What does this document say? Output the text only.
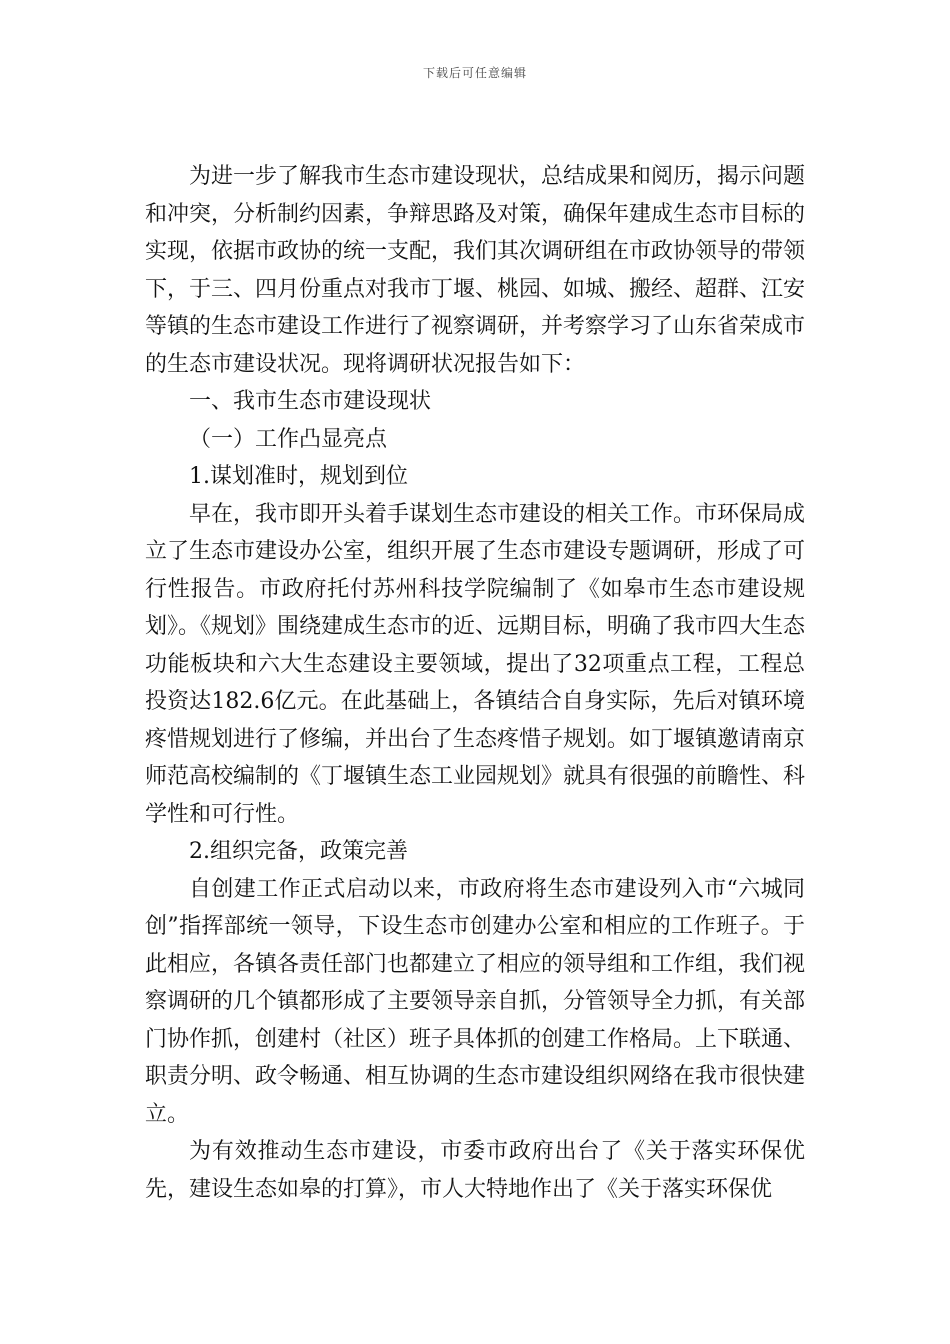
下载后可任意编辑

为进一步了解我市生态市建设现状，总结成果和阅历，揭示问题和冲突，分析制约因素，争辩思路及对策，确保年建成生态市目标的实现，依据市政协的统一支配，我们其次调研组在市政协领导的带领下，于三、四月份重点对我市丁堰、桃园、如城、搬经、超群、江安等镇的生态市建设工作进行了视察调研，并考察学习了山东省荣成市的生态市建设状况。现将调研状况报告如下：

一、我市生态市建设现状

（一）工作凸显亮点

1.谋划准时，规划到位

早在，我市即开头着手谋划生态市建设的相关工作。市环保局成立了生态市建设办公室，组织开展了生态市建设专题调研，形成了可行性报告。市政府托付苏州科技学院编制了《如皋市生态市建设规划》。《规划》围绕建成生态市的近、远期目标，明确了我市四大生态功能板块和六大生态建设主要领域，提出了32项重点工程，工程总投资达182.6亿元。在此基础上，各镇结合自身实际，先后对镇环境疼惜规划进行了修编，并出台了生态疼惜子规划。如丁堰镇邀请南京师范高校编制的《丁堰镇生态工业园规划》就具有很强的前瞻性、科学性和可行性。

2.组织完备，政策完善

自创建工作正式启动以来，市政府将生态市建设列入市“六城同创”指挥部统一领导，下设生态市创建办公室和相应的工作班子。于此相应，各镇各责任部门也都建立了相应的领导组和工作组，我们视察调研的几个镇都形成了主要领导亲自抓，分管领导全力抓，有关部门协作抓，创建村（社区）班子具体抓的创建工作格局。上下联通、职责分明、政令畅通、相互协调的生态市建设组织网络在我市很快建立。

为有效推动生态市建设，市委市政府出台了《关于落实环保优先，建设生态如皋的打算》，市人大特地作出了《关于落实环保优
